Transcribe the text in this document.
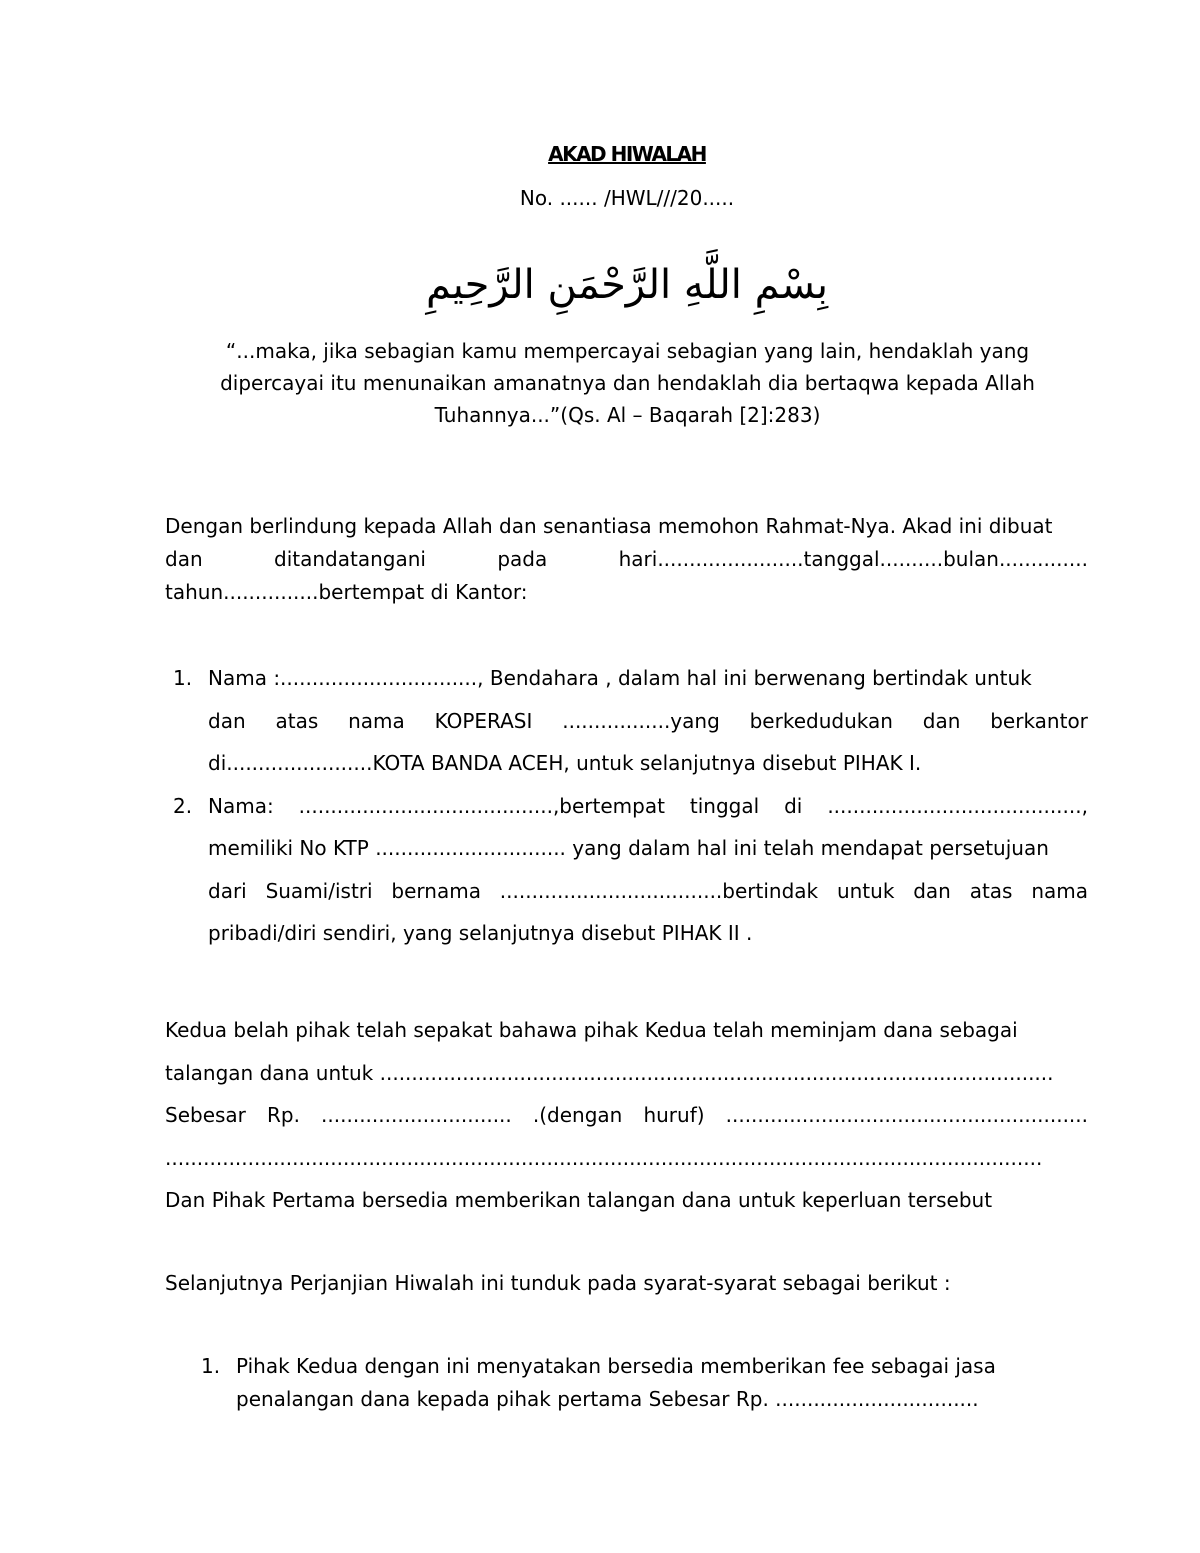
AKAD HIWALAH
No. ...... /HWL///20.....
بِسْمِ اللَّهِ الرَّحْمَنِ الرَّحِيمِ
“...maka, jika sebagian kamu mempercayai sebagian yang lain, hendaklah yang
dipercayai itu menunaikan amanatnya dan hendaklah dia bertaqwa kepada Allah
Tuhannya...”(Qs. Al – Baqarah [2]:283)
Dengan berlindung kepada Allah dan senantiasa memohon Rahmat-Nya. Akad ini dibuat
dan	ditandatangani	pada	hari.......................tanggal..........bulan..............
tahun...............bertempat di Kantor:
1. Nama :..............................., Bendahara , dalam hal ini berwenang bertindak untuk
dan atas nama KOPERASI .................yang berkedudukan dan berkantor
di.......................KOTA BANDA ACEH, untuk selanjutnya disebut PIHAK I.
2. Nama: ........................................,bertempat tinggal di ........................................,
memiliki No KTP .............................. yang dalam hal ini telah mendapat persetujuan
dari Suami/istri bernama ...................................bertindak untuk dan atas nama
pribadi/diri sendiri, yang selanjutnya disebut PIHAK II .
Kedua belah pihak telah sepakat bahawa pihak Kedua telah meminjam dana sebagai
talangan dana untuk ..........................................................................................................
Sebesar Rp. .............................. .(dengan huruf) .........................................................
..........................................................................................................................................
Dan Pihak Pertama bersedia memberikan talangan dana untuk keperluan tersebut
Selanjutnya Perjanjian Hiwalah ini tunduk pada syarat-syarat sebagai berikut :
1. Pihak Kedua dengan ini menyatakan bersedia memberikan fee sebagai jasa
penalangan dana kepada pihak pertama Sebesar Rp. ................................
